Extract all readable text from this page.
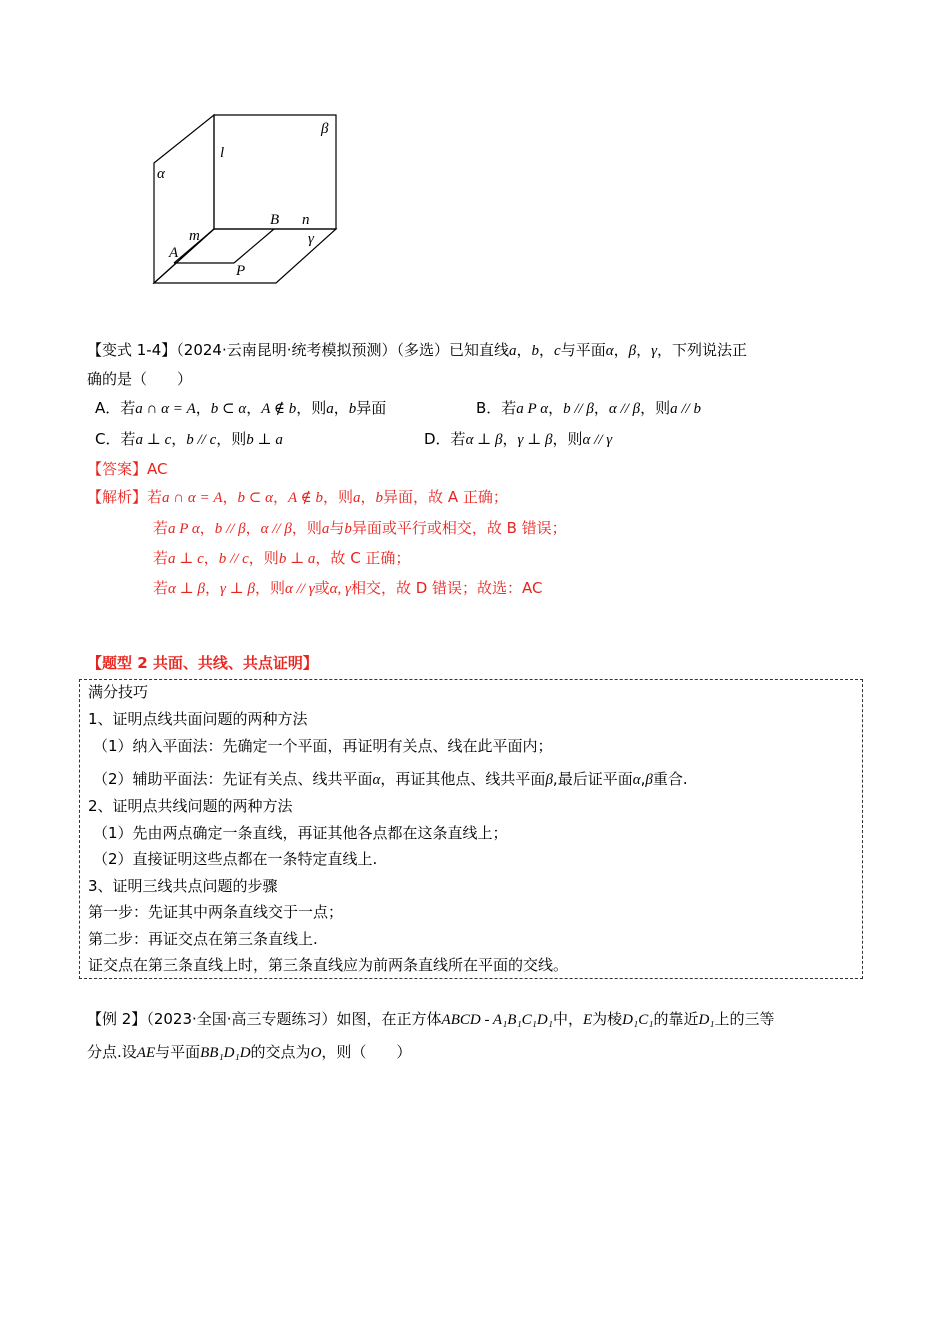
β
l
α
B n
m	γ
A
P
【变式 1-4】（2024·云南昆明·统考模拟预测）（多选）已知直线a，b，c与平面α，β，γ，下列说法正
确的是（　　）
A．若a ∩ α = A，b ⊂ α，A ∉ b，则a，b异面	B．若a P α，b // β，α // β，则a // b
C．若a ⊥ c，b // c，则b ⊥ a	D．若α ⊥ β，γ ⊥ β，则α // γ
【答案】AC
【解析】若a ∩ α = A，b ⊂ α，A ∉ b，则a，b异面，故 A 正确；
若a P α，b // β，α // β，则a与b异面或平行或相交，故 B 错误；
若a ⊥ c，b // c，则b ⊥ a，故 C 正确；
若α ⊥ β，γ ⊥ β，则α // γ或α, γ相交，故 D 错误；故选：AC
【题型 2 共面、共线、共点证明】
满分技巧
1、证明点线共面问题的两种方法
（1）纳入平面法：先确定一个平面，再证明有关点、线在此平面内；
（2）辅助平面法：先证有关点、线共平面α，再证其他点、线共平面β,最后证平面α,β重合.
2、证明点共线问题的两种方法
（1）先由两点确定一条直线，再证其他各点都在这条直线上；
（2）直接证明这些点都在一条特定直线上.
3、证明三线共点问题的步骤
第一步：先证其中两条直线交于一点；
第二步：再证交点在第三条直线上.
证交点在第三条直线上时，第三条直线应为前两条直线所在平面的交线。
【例 2】（2023·全国·高三专题练习）如图，在正方体ABCD - A₁B₁C₁D₁中，E为棱D₁C₁的靠近D₁上的三等
分点.设AE与平面BB₁D₁D的交点为O，则（　　）
